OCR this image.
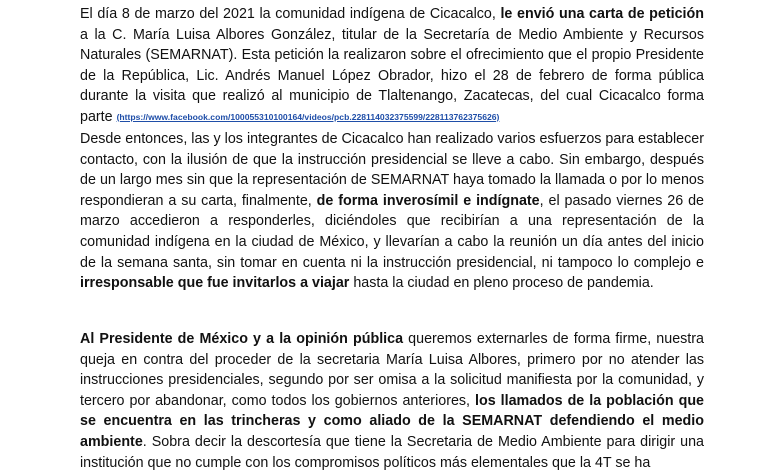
El día 8 de marzo del 2021 la comunidad indígena de Cicacalco, le envió una carta de petición a la C. María Luisa Albores González, titular de la Secretaría de Medio Ambiente y Recursos Naturales (SEMARNAT). Esta petición la realizaron sobre el ofrecimiento que el propio Presidente de la República, Lic. Andrés Manuel López Obrador, hizo el 28 de febrero de forma pública durante la visita que realizó al municipio de Tlaltenango, Zacatecas, del cual Cicacalco forma parte (https://www.facebook.com/100055310100164/videos/pcb.228114032375599/228113762375626)

Desde entonces, las y los integrantes de Cicacalco han realizado varios esfuerzos para establecer contacto, con la ilusión de que la instrucción presidencial se lleve a cabo. Sin embargo, después de un largo mes sin que la representación de SEMARNAT haya tomado la llamada o por lo menos respondieran a su carta, finalmente, de forma inverosímil e indígnate, el pasado viernes 26 de marzo accedieron a responderles, diciéndoles que recibirían a una representación de la comunidad indígena en la ciudad de México, y llevarían a cabo la reunión un día antes del inicio de la semana santa, sin tomar en cuenta ni la instrucción presidencial, ni tampoco lo complejo e irresponsable que fue invitarlos a viajar hasta la ciudad en pleno proceso de pandemia.

Al Presidente de México y a la opinión pública queremos externarles de forma firme, nuestra queja en contra del proceder de la secretaria María Luisa Albores, primero por no atender las instrucciones presidenciales, segundo por ser omisa a la solicitud manifiesta por la comunidad, y tercero por abandonar, como todos los gobiernos anteriores, los llamados de la población que se encuentra en las trincheras y como aliado de la SEMARNAT defendiendo el medio ambiente. Sobra decir la descortesía que tiene la Secretaria de Medio Ambiente para dirigir una institución que no cumple con los compromisos políticos más elementales que la 4T se ha
